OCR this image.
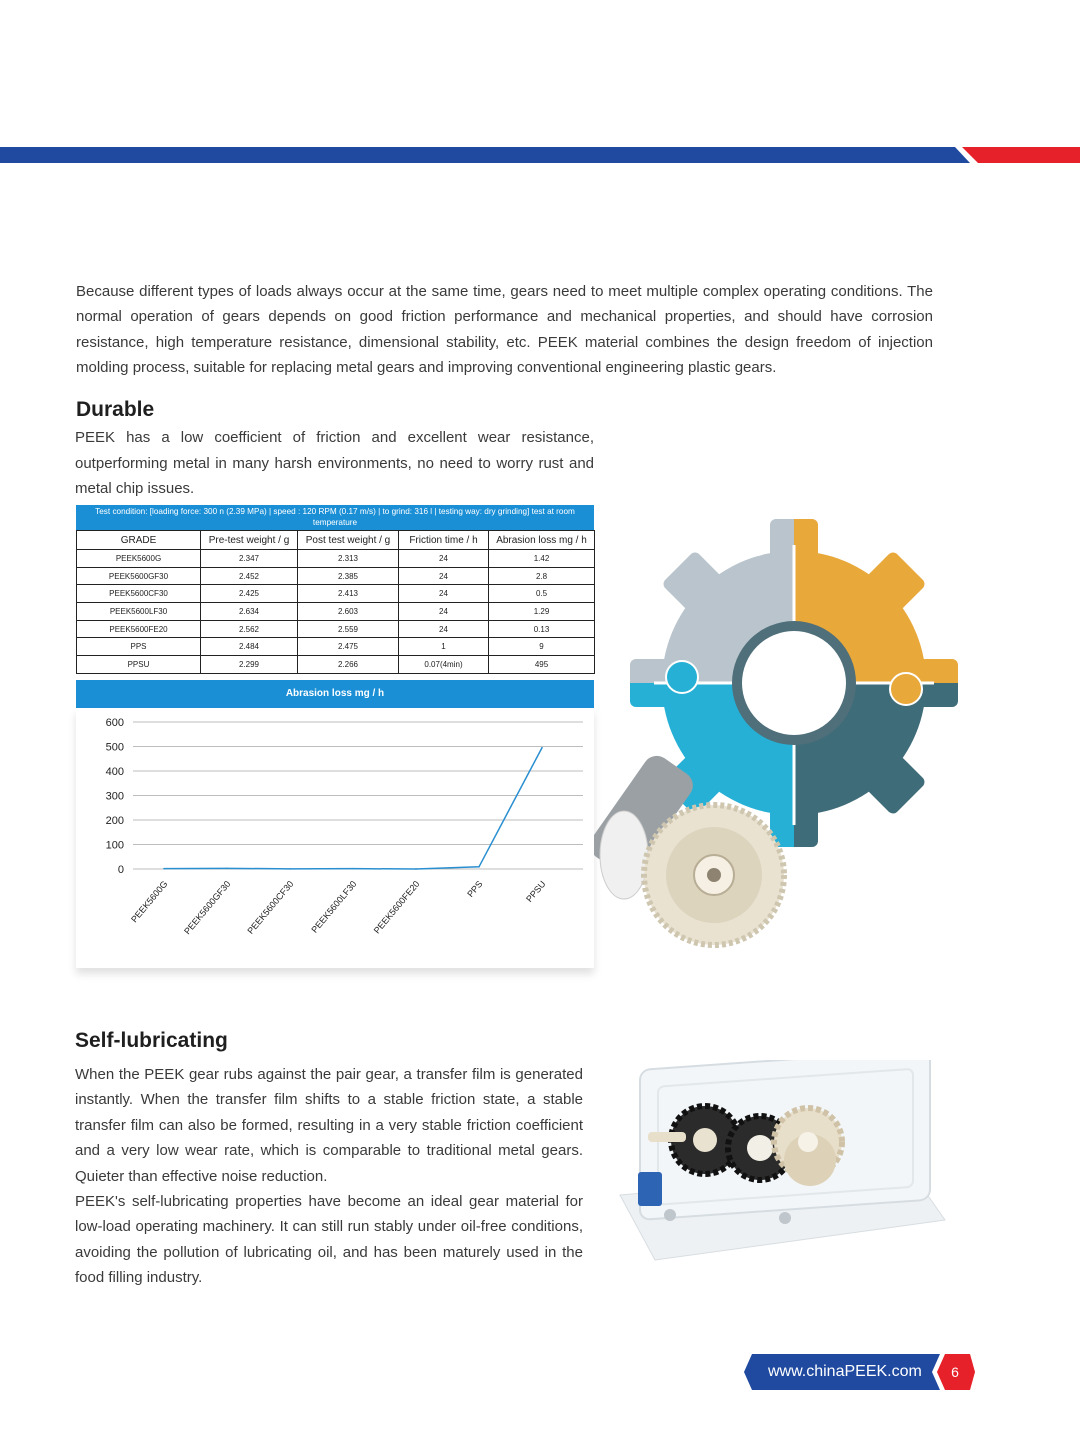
Because different types of loads always occur at the same time, gears need to meet multiple complex operating conditions. The normal operation of gears depends on good friction performance and mechanical properties, and should have corrosion resistance, high temperature resistance, dimensional stability, etc. PEEK material combines the design freedom of injection molding process, suitable for replacing metal gears and improving conventional engineering plastic gears.
Durable
PEEK has a low coefficient of friction and excellent wear resistance, outperforming metal in many harsh environments, no need to worry rust and metal chip issues.
Test condition: [loading force: 300 n (2.39 MPa) | speed : 120 RPM (0.17 m/s) | to grind: 316 l | testing way: dry grinding] test at room temperature
GRADE	Pre-test weight / g	Post test weight / g	Friction time / h	Abrasion loss mg / h
PEEK5600G	2.347	2.313	24	1.42
PEEK5600GF30	2.452	2.385	24	2.8
PEEK5600CF30	2.425	2.413	24	0.5
PEEK5600LF30	2.634	2.603	24	1.29
PEEK5600FE20	2.562	2.559	24	0.13
PPS	2.484	2.475	1	9
PPSU	2.299	2.266	0.07(4min)	495
Abrasion loss mg / h
600
500
400
300
200
100
0
PEEK5600G PEEK5600GF30 PEEK5600CF30 PEEK5600LF30 PEEK5600FE20	PPS	PPSU
Self-lubricating

When the PEEK gear rubs against the pair gear, a transfer film is generated instantly. When the transfer film shifts to a stable friction state, a stable transfer film can also be formed, resulting in a very stable friction coefficient and a very low wear rate, which is comparable to traditional metal gears. Quieter than effective noise reduction.

PEEK's self-lubricating properties have become an ideal gear material for low-load operating machinery. It can still run stably under oil-free conditions, avoiding the pollution of lubricating oil, and has been maturely used in the food filling industry.

www.chinaPEEK.com	6
